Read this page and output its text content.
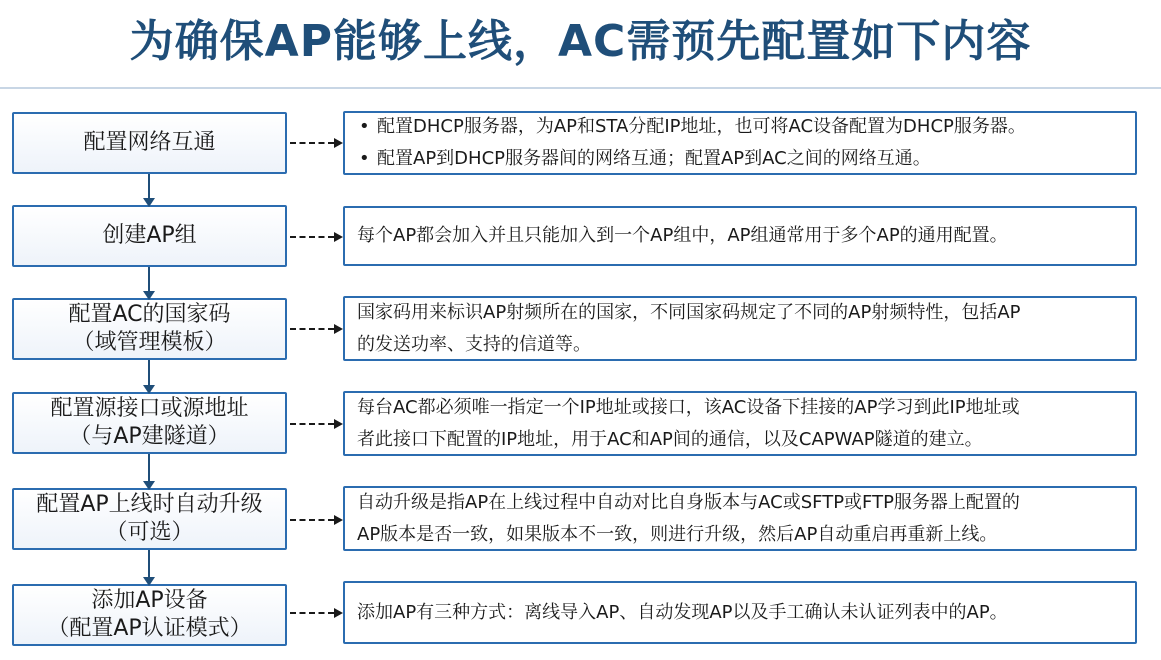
为确保AP能够上线，AC需预先配置如下内容
配置网络互通
创建AP组
配置AC的国家码
（域管理模板）
配置源接口或源地址
（与AP建隧道）
配置AP上线时自动升级
（可选）
添加AP设备
（配置AP认证模式）
• 配置DHCP服务器，为AP和STA分配IP地址，也可将AC设备配置为DHCP服务器。
• 配置AP到DHCP服务器间的网络互通；配置AP到AC之间的网络互通。
每个AP都会加入并且只能加入到一个AP组中，AP组通常用于多个AP的通用配置。
国家码用来标识AP射频所在的国家，不同国家码规定了不同的AP射频特性，包括AP
的发送功率、支持的信道等。
每台AC都必须唯一指定一个IP地址或接口，该AC设备下挂接的AP学习到此IP地址或
者此接口下配置的IP地址，用于AC和AP间的通信，以及CAPWAP隧道的建立。
自动升级是指AP在上线过程中自动对比自身版本与AC或SFTP或FTP服务器上配置的
AP版本是否一致，如果版本不一致，则进行升级，然后AP自动重启再重新上线。
添加AP有三种方式：离线导入AP、自动发现AP以及手工确认未认证列表中的AP。
